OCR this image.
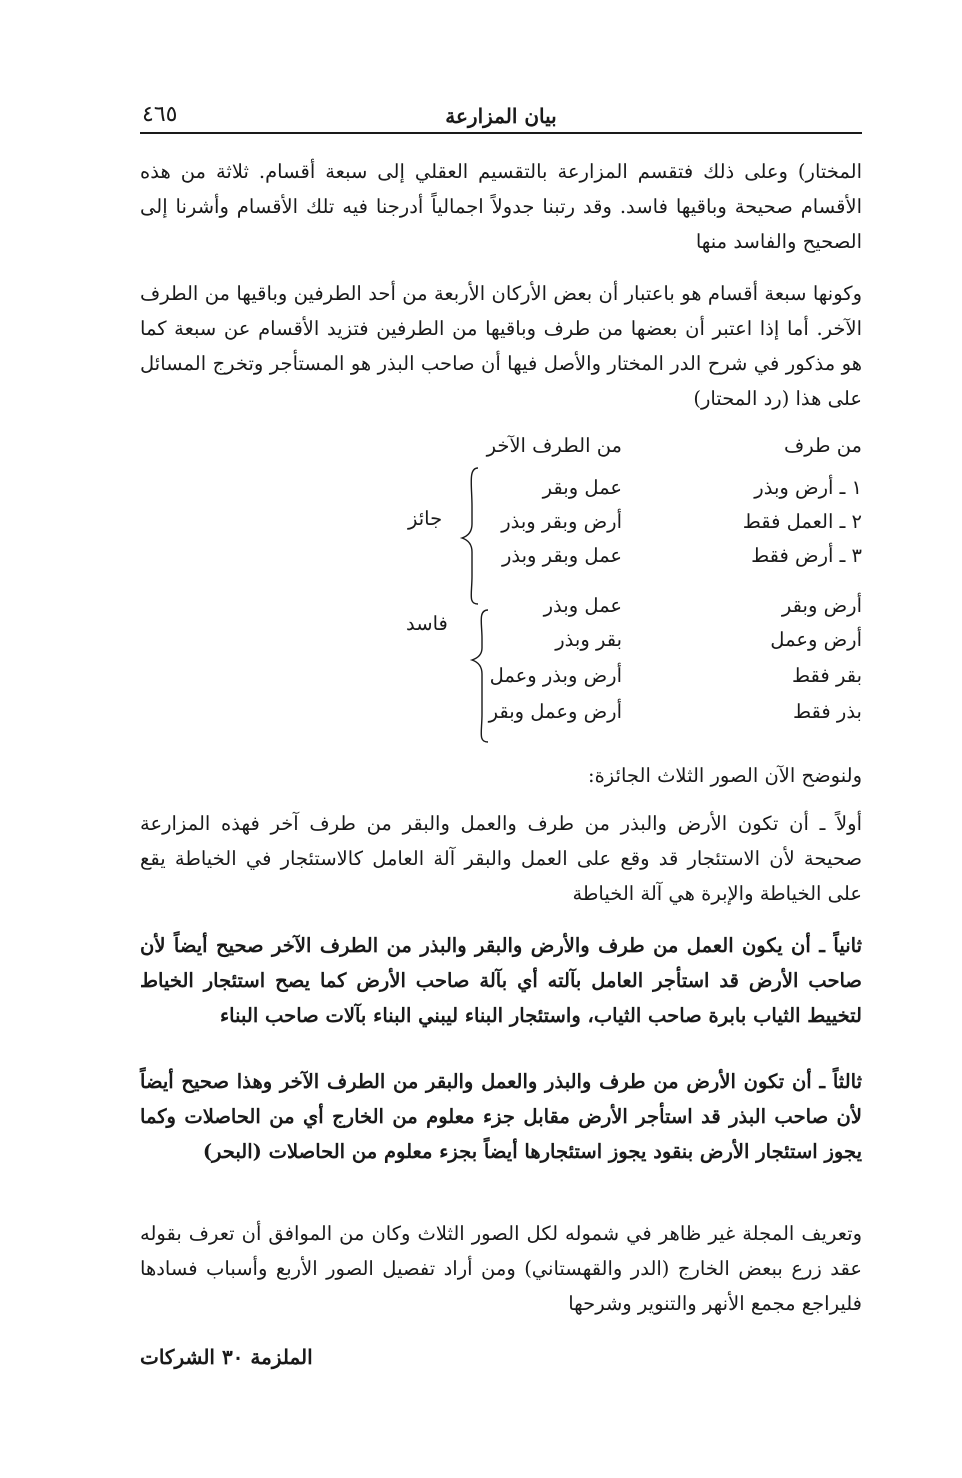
٤٦٥	بيان المزارعة

المختار) وعلى ذلك فتقسم المزارعة بالتقسيم العقلي إلى سبعة أقسام. ثلاثة من هذه الأقسام صحيحة وباقيها فاسد. وقد رتبنا جدولاً اجمالياً أدرجنا فيه تلك الأقسام وأشرنا إلى الصحيح والفاسد منها

وكونها سبعة أقسام هو باعتبار أن بعض الأركان الأربعة من أحد الطرفين وباقيها من الطرف الآخر. أما إذا اعتبر أن بعضها من طرف وباقيها من الطرفين فتزيد الأقسام عن سبعة كما هو مذكور في شرح الدر المختار والأصل فيها أن صاحب البذر هو المستأجر وتخرج المسائل على هذا (رد المحتار)

من طرف
من الطرف الآخر
١ ـ أرض وبذر
عمل وبقر
٢ ـ العمل فقط
أرض وبقر وبذر
٣ ـ أرض فقط
عمل وبقر وبذر
أرض وبقر
عمل وبذر
أرض وعمل
بقر وبذر
بقر فقط
أرض وبذر وعمل
بذر فقط
أرض وعمل وبقر
جائز
فاسد

ولنوضح الآن الصور الثلاث الجائزة:

أولاً ـ أن تكون الأرض والبذر من طرف والعمل والبقر من طرف آخر فهذه المزارعة صحيحة لأن الاستئجار قد وقع على العمل والبقر آلة العامل كالاستئجار في الخياطة يقع على الخياطة والإبرة هي آلة الخياطة

ثانياً ـ أن يكون العمل من طرف والأرض والبقر والبذر من الطرف الآخر صحيح أيضاً لأن صاحب الأرض قد استأجر العامل بآلته أي بآلة صاحب الأرض كما يصح استئجار الخياط لتخييط الثياب بابرة صاحب الثياب، واستئجار البناء ليبني البناء بآلات صاحب البناء

ثالثاً ـ أن تكون الأرض من طرف والبذر والعمل والبقر من الطرف الآخر وهذا صحيح أيضاً لأن صاحب البذر قد استأجر الأرض مقابل جزء معلوم من الخارج أي من الحاصلات وكما يجوز استئجار الأرض بنقود يجوز استئجارها أيضاً بجزء معلوم من الحاصلات (البحر)

وتعريف المجلة غير ظاهر في شموله لكل الصور الثلاث وكان من الموافق أن تعرف بقوله عقد زرع ببعض الخارج (الدر والقهستاني) ومن أراد تفصيل الصور الأربع وأسباب فسادها فليراجع مجمع الأنهر والتنوير وشرحها

الملزمة ٣٠ الشركات
